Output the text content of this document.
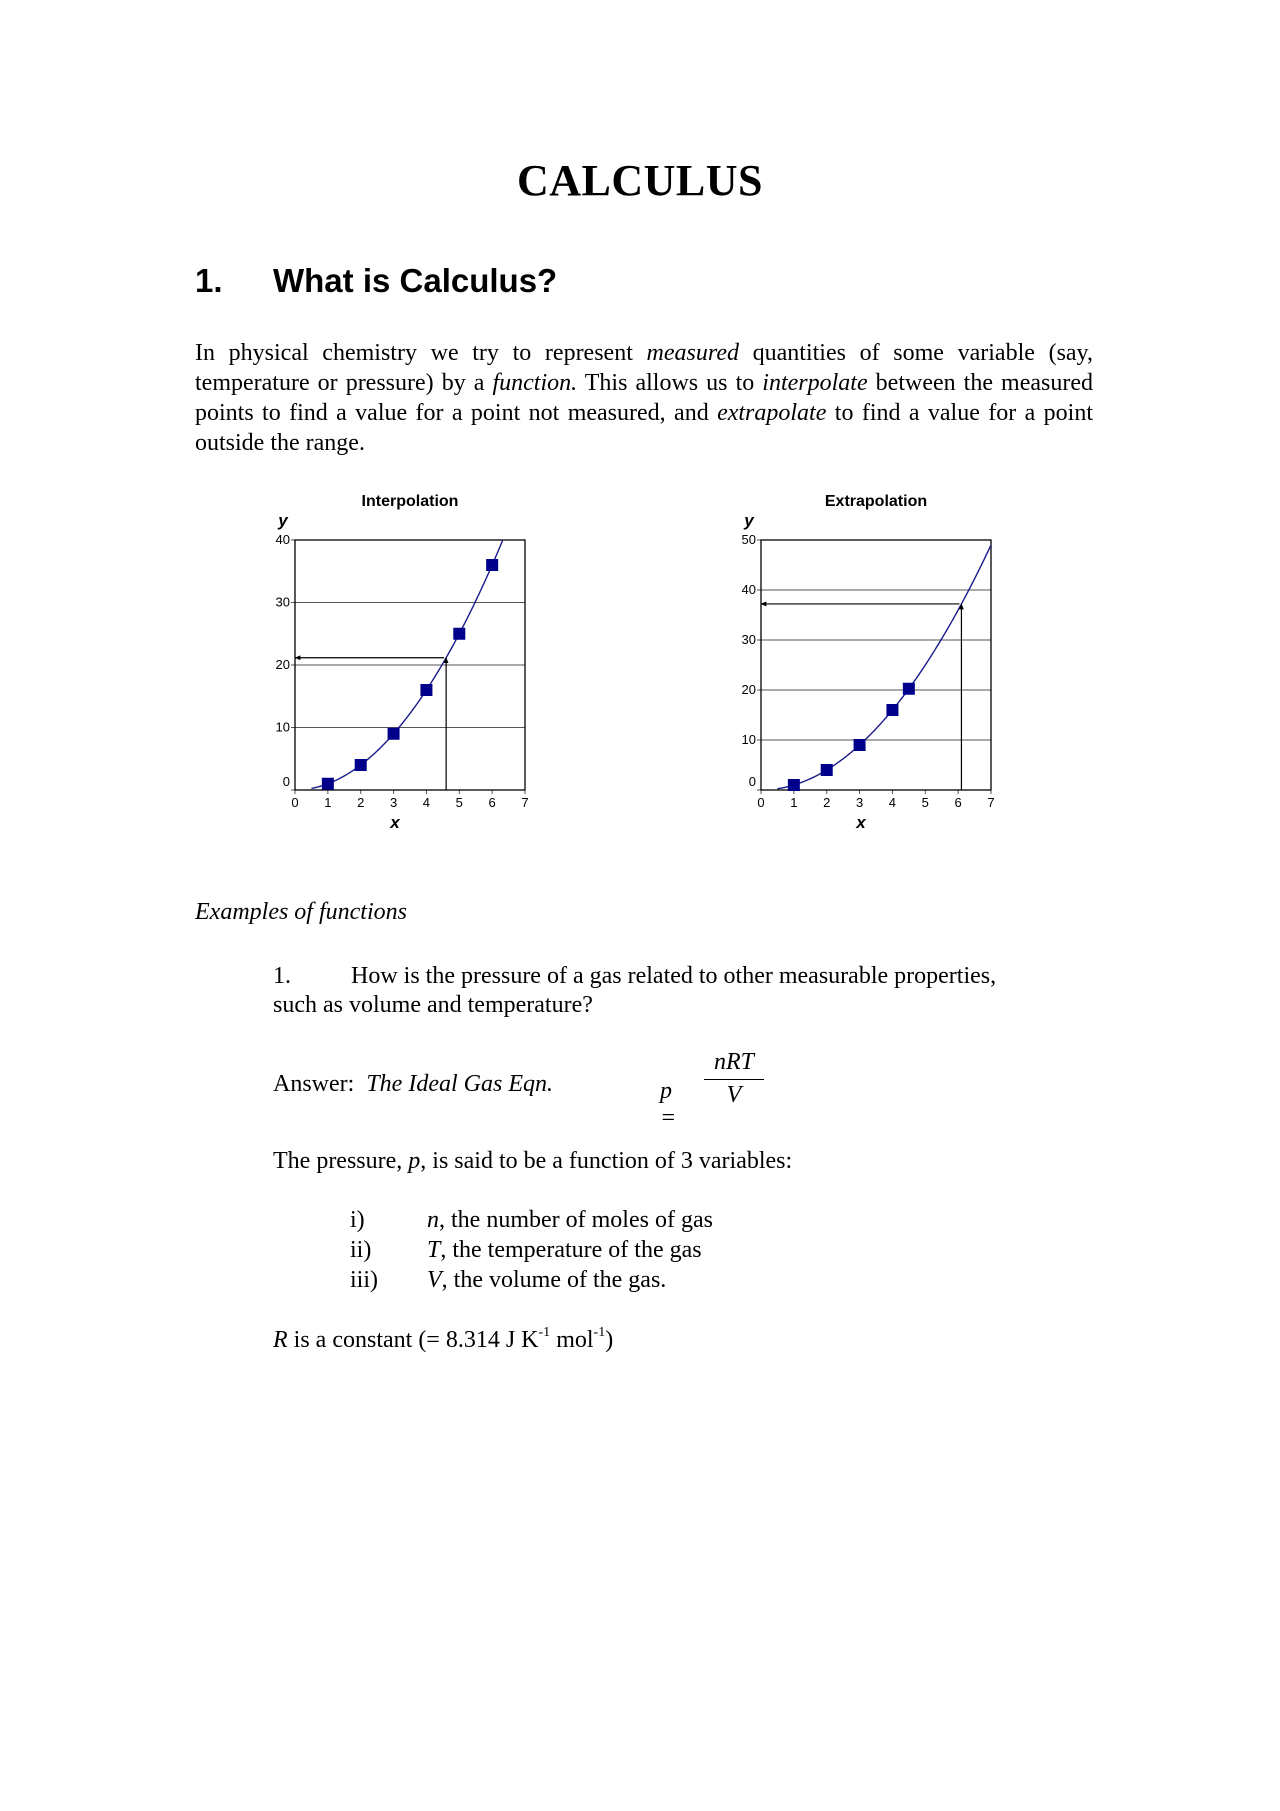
CALCULUS
1. What is Calculus?
In physical chemistry we try to represent measured quantities of some variable (say, temperature or pressure) by a function. This allows us to interpolate between the measured points to find a value for a point not measured, and extrapolate to find a value for a point outside the range.
Interpolation
y
x
0
10
20
30
40
0 1 2 3 4 5 6 7
Extrapolation
y
x
0
10
20
30
40
50
0 1 2 3 4 5 6 7
Examples of functions
1.	How is the pressure of a gas related to other measurable properties,
such as volume and temperature?
Answer: The Ideal Gas Eqn.	p =
nRT
V
The pressure, p, is said to be a function of 3 variables:
i)	n, the number of moles of gas
ii) T, the temperature of the gas
iii) V, the volume of the gas.
R is a constant (= 8.314 J $K^{-1}$ mol$^{-1}$)
